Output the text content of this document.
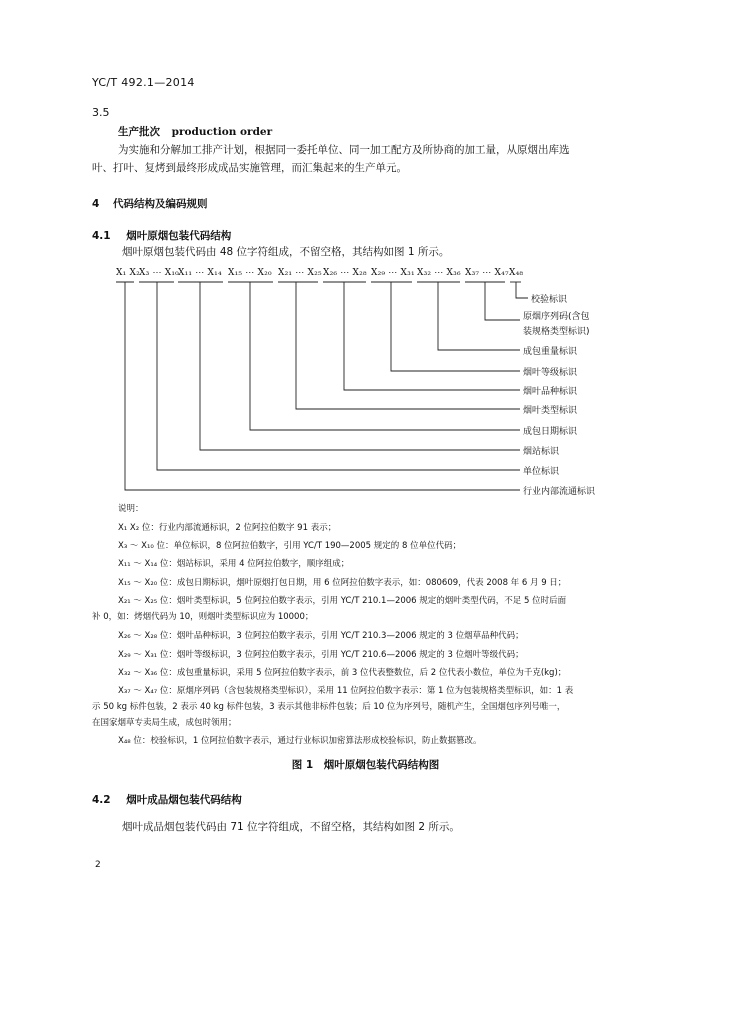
YC/T 492.1—2014
3.5
生产批次 production order
为实施和分解加工排产计划，根据同一委托单位、同一加工配方及所协商的加工量，从原烟出库选
叶、打叶、复烤到最终形成成品实施管理，而汇集起来的生产单元。
4 代码结构及编码规则
4.1 烟叶原烟包装代码结构
烟叶原烟包装代码由 48 位字符组成，不留空格，其结构如图 1 所示。
X₁ X₂ X₃ ⋯ X₁₀ X₁₁ ⋯ X₁₄ X₁₅ ⋯ X₂₀ X₂₁ ⋯ X₂₅ X₂₆ ⋯ X₂₈ X₂₉ ⋯ X₃₁ X₃₂ ⋯ X₃₆ X₃₇ ⋯ X₄₇ X₄₈
校验标识
原烟序列码(含包
装规格类型标识)
成包重量标识
烟叶等级标识
烟叶品种标识
烟叶类型标识
成包日期标识
烟站标识
单位标识
行业内部流通标识
说明：
X₁ X₂ 位：行业内部流通标识，2 位阿拉伯数字 91 表示；
X₃ ～ X₁₀ 位：单位标识，8 位阿拉伯数字，引用 YC/T 190—2005 规定的 8 位单位代码；
X₁₁ ～ X₁₄ 位：烟站标识，采用 4 位阿拉伯数字，顺序组成；
X₁₅ ～ X₂₀ 位：成包日期标识，烟叶原烟打包日期，用 6 位阿拉伯数字表示，如：080609，代表 2008 年 6 月 9 日；
X₂₁ ～ X₂₅ 位：烟叶类型标识，5 位阿拉伯数字表示，引用 YC/T 210.1—2006 规定的烟叶类型代码，不足 5 位时后面
补 0，如：烤烟代码为 10，则烟叶类型标识应为 10000；
X₂₆ ～ X₂₈ 位：烟叶品种标识，3 位阿拉伯数字表示，引用 YC/T 210.3—2006 规定的 3 位烟草品种代码；
X₂₉ ～ X₃₁ 位：烟叶等级标识，3 位阿拉伯数字表示，引用 YC/T 210.6—2006 规定的 3 位烟叶等级代码；
X₃₂ ～ X₃₆ 位：成包重量标识，采用 5 位阿拉伯数字表示，前 3 位代表整数位，后 2 位代表小数位，单位为千克(kg)；
X₃₇ ～ X₄₇ 位：原烟序列码（含包装规格类型标识），采用 11 位阿拉伯数字表示：第 1 位为包装规格类型标识，如：1 表
示 50 kg 标件包装，2 表示 40 kg 标件包装，3 表示其他非标件包装；后 10 位为序列号，随机产生，全国烟包序列号唯一，
在国家烟草专卖局生成，成包时领用；
X₄₈ 位：校验标识，1 位阿拉伯数字表示，通过行业标识加密算法形成校验标识，防止数据篡改。
图 1　烟叶原烟包装代码结构图
4.2 烟叶成品烟包装代码结构
烟叶成品烟包装代码由 71 位字符组成，不留空格，其结构如图 2 所示。
2
